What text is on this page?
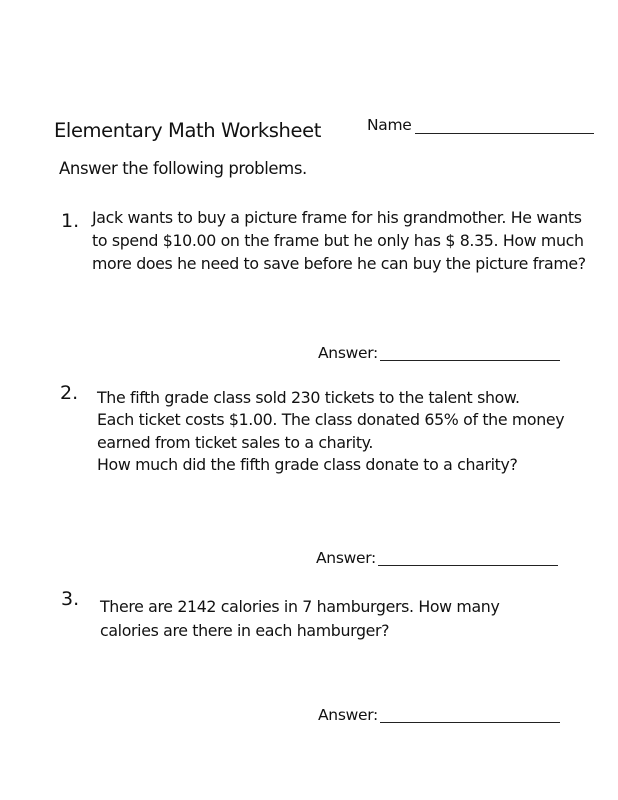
Elementary Math Worksheet	Name
Answer the following problems.
1. Jack wants to buy a picture frame for his grandmother. He wants
to spend $10.00 on the frame but he only has $ 8.35. How much
more does he need to save before he can buy the picture frame?
Answer:
2. The fifth grade class sold 230 tickets to the talent show.
Each ticket costs $1.00. The class donated 65% of the money
earned from ticket sales to a charity.
How much did the fifth grade class donate to a charity?
Answer:
3. There are 2142 calories in 7 hamburgers. How many
calories are there in each hamburger?
Answer:
